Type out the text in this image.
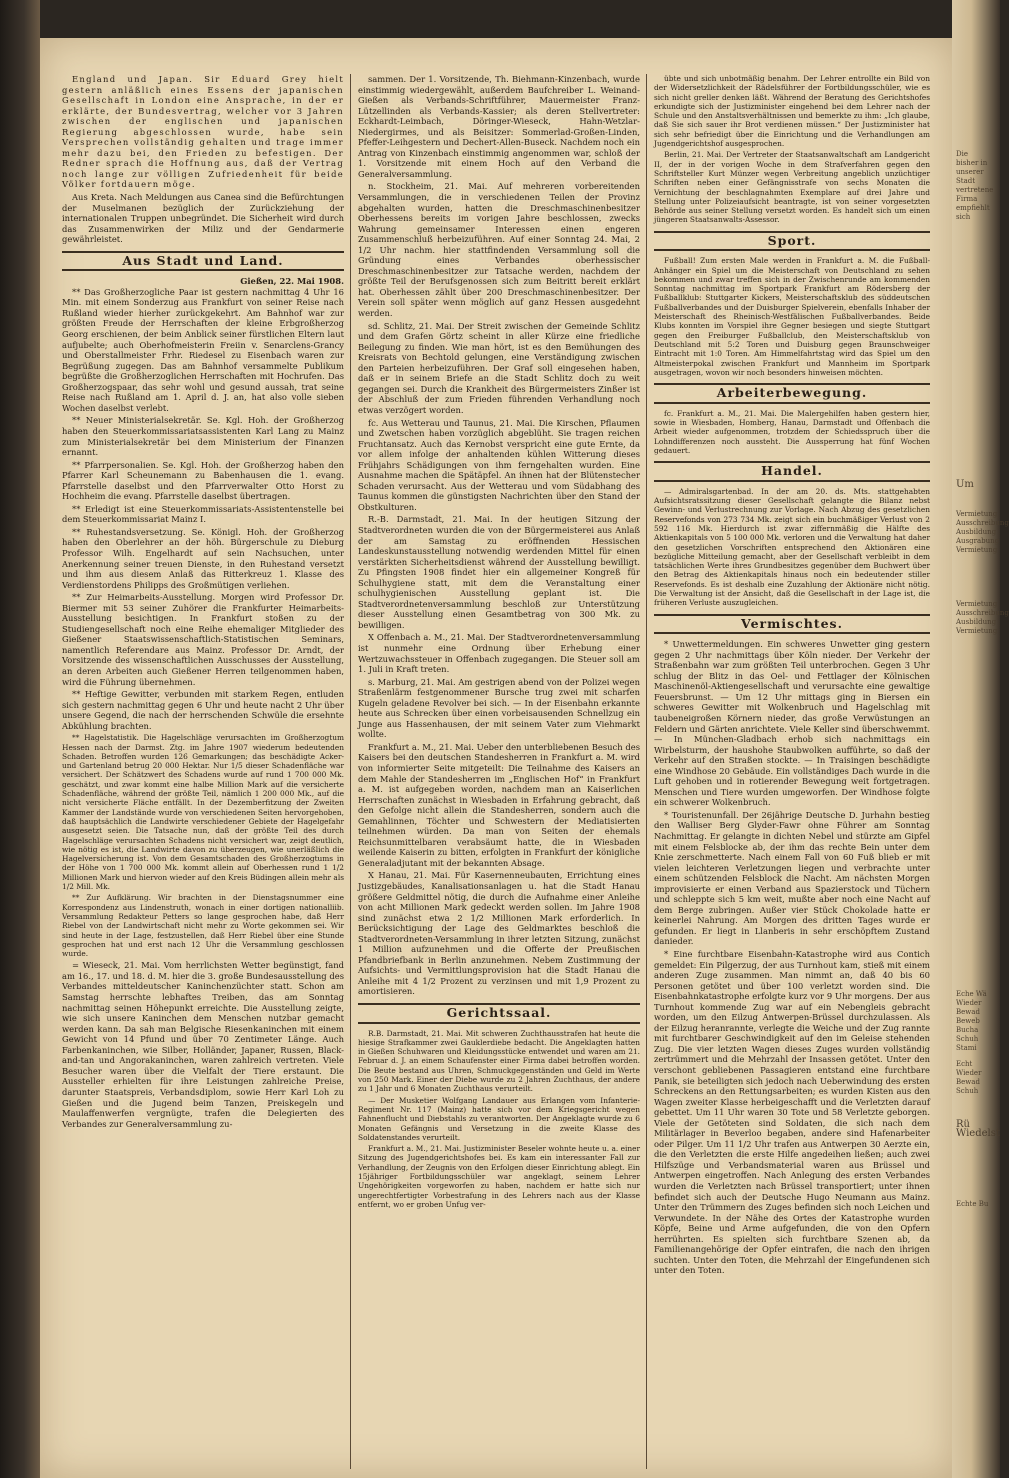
England und Japan. Sir Eduard Grey hielt gestern anläßlich eines Essens der japanischen Gesellschaft in London eine Ansprache, in der er erklärte, der Bundesvertrag, welcher vor 3 Jahren zwischen der englischen und japanischen Regierung abgeschlossen wurde, habe sein Versprechen vollständig gehalten und trage immer mehr dazu bei, den Frieden zu befestigen. Der Redner sprach die Hoffnung aus, daß der Vertrag noch lange zur völligen Zufriedenheit für beide Völker fortdauern möge.

Aus Kreta. Nach Meldungen aus Canea sind die Befürchtungen der Muselmanen bezüglich der Zurückziehung der internationalen Truppen unbegründet. Die Sicherheit wird durch das Zusammenwirken der Miliz und der Gendarmerie gewährleistet.

Aus Stadt und Land.
Gießen, 22. Mai 1908.

** Das Großherzogliche Paar ist gestern nachmittag 4 Uhr 16 Min. mit einem Sonderzug aus Frankfurt von seiner Reise nach Rußland wieder hierher zurückgekehrt. Am Bahnhof war zur größten Freude der Herrschaften der kleine Erbgroßherzog Georg erschienen, der beim Anblick seiner fürstlichen Eltern laut aufjubelte; auch Oberhofmeisterin Freiin v. Senarclens-Grancy und Oberstallmeister Frhr. Riedesel zu Eisenbach waren zur Begrüßung zugegen. Das am Bahnhof versammelte Publikum begrüßte die Großherzoglichen Herrschaften mit Hochrufen. Das Großherzogspaar, das sehr wohl und gesund aussah, trat seine Reise nach Rußland am 1. April d. J. an, hat also volle sieben Wochen daselbst verlebt.

** Neuer Ministerialsekretär. Se. Kgl. Hoh. der Großherzog haben den Steuerkommissariatsassistenten Karl Lang zu Mainz zum Ministerialsekretär bei dem Ministerium der Finanzen ernannt.

** Pfarrpersonalien. Se. Kgl. Hoh. der Großherzog haben den Pfarrer Karl Scheunemann zu Babenhausen die 1. evang. Pfarrstelle daselbst und den Pfarrverwalter Otto Horst zu Hochheim die evang. Pfarrstelle daselbst übertragen.

** Erledigt ist eine Steuerkommissariats-Assistentenstelle bei dem Steuerkommissariat Mainz I.

** Ruhestandsversetzung. Se. Königl. Hoh. der Großherzog haben den Oberlehrer an der höh. Bürgerschule zu Dieburg Professor Wilh. Engelhardt auf sein Nachsuchen, unter Anerkennung seiner treuen Dienste, in den Ruhestand versetzt und ihm aus diesem Anlaß das Ritterkreuz 1. Klasse des Verdienstordens Philipps des Großmütigen verliehen.

** Zur Heimarbeits-Ausstellung. Morgen wird Professor Dr. Biermer mit 53 seiner Zuhörer die Frankfurter Heimarbeits-Ausstellung besichtigen. In Frankfurt stoßen zu der Studiengesellschaft noch eine Reihe ehemaliger Mitglieder des Gießener Staatswissenschaftlich-Statistischen Seminars, namentlich Referendare aus Mainz. Professor Dr. Arndt, der Vorsitzende des wissenschaftlichen Ausschusses der Ausstellung, an deren Arbeiten auch Gießener Herren teilgenommen haben, wird die Führung übernehmen.

** Heftige Gewitter, verbunden mit starkem Regen, entluden sich gestern nachmittag gegen 6 Uhr und heute nacht 2 Uhr über unsere Gegend, die nach der herrschenden Schwüle die ersehnte Abkühlung brachten.

** Hagelstatistik. Die Hagelschläge verursachten im Großherzogtum Hessen nach der Darmst. Ztg. im Jahre 1907 wiederum bedeutenden Schaden. Betroffen wurden 126 Gemarkungen; das beschädigte Acker- und Gartenland betrug 20 000 Hektar. Nur 1/5 dieser Schadenfläche war versichert. Der Schätzwert des Schadens wurde auf rund 1 700 000 Mk. geschätzt, und zwar kommt eine halbe Million Mark auf die versicherte Schadenfläche, während der größte Teil, nämlich 1 200 000 Mk., auf die nicht versicherte Fläche entfällt. In der Dezemberfitzung der Zweiten Kammer der Landstände wurde von verschiedenen Seiten hervorgehoben, daß hauptsächlich die Landwirte verschiedener Gebiete der Hagelgefahr ausgesetzt seien. Die Tatsache nun, daß der größte Teil des durch Hagelschläge verursachten Schadens nicht versichert war, zeigt deutlich, wie nötig es ist, die Landwirte davon zu überzeugen, wie unerläßlich die Hagelversicherung ist. Von dem Gesamtschaden des Großherzogtums in der Höhe von 1 700 000 Mk. kommt allein auf Oberhessen rund 1 1/2 Millionen Mark und hiervon wieder auf den Kreis Büdingen allein mehr als 1/2 Mill. Mk.

** Zur Aufklärung. Wir brachten in der Dienstagsnummer eine Korrespondenz aus Lindenstruth, wonach in einer dortigen nationalliib. Versammlung Redakteur Petters so lange gesprochen habe, daß Herr Riebel von der Landwirtschaft nicht mehr zu Worte gekommen sei. Wir sind heute in der Lage, festzustellen, daß Herr Riebel über eine Stunde gesprochen hat und erst nach 12 Uhr die Versammlung geschlossen wurde.

= Wieseck, 21. Mai. Vom herrlichsten Wetter begünstigt, fand am 16., 17. und 18. d. M. hier die 3. große Bundesausstellung des Verbandes mitteldeutscher Kaninchenzüchter statt. Schon am Samstag herrschte lebhaftes Treiben, das am Sonntag nachmittag seinen Höhepunkt erreichte. Die Ausstellung zeigte, wie sich unsere Kaninchen dem Menschen nutzbar gemacht werden kann. Da sah man Belgische Riesenkaninchen mit einem Gewicht von 14 Pfund und über 70 Zentimeter Länge. Auch Farbenkaninchen, wie Silber, Holländer, Japaner, Russen, Black-and-tan und Angorakaninchen, waren zahlreich vertreten. Viele Besucher waren über die Vielfalt der Tiere erstaunt. Die Aussteller erhielten für ihre Leistungen zahlreiche Preise, darunter Staatspreis, Verbandsdiplom, sowie Herr Karl Loh zu Gießen und die Jugend beim Tanzen, Preiskegeln und Maulaffenwerfen vergnügte, trafen die Delegierten des Verbandes zur Generalversammlung zu-

sammen. Der 1. Vorsitzende, Th. Biehmann-Kinzenbach, wurde einstimmig wiedergewählt, außerdem Baufchreiber L. Weinand-Gießen als Verbands-Schriftführer, Mauermeister Franz-Lützellinden als Verbands-Kassier; als deren Stellvertreter: Eckhardt-Leimbach, Döringer-Wieseck, Hahn-Wetzlar-Niedergirmes, und als Beisitzer: Sommerlad-Großen-Linden, Pfeffer-Leihgestern und Dechert-Allen-Buseck. Nachdem noch ein Antrag von Kinzenbach einstimmig angenommen war, schloß der 1. Vorsitzende mit einem Hoch auf den Verband die Generalversammlung.

n. Stockheim, 21. Mai. Auf mehreren vorbereitenden Versammlungen, die in verschiedenen Teilen der Provinz abgehalten wurden, hatten die Dreschmaschinenbesitzer Oberhessens bereits im vorigen Jahre beschlossen, zwecks Wahrung gemeinsamer Interessen einen engeren Zusammenschluß herbeizuführen. Auf einer Sonntag 24. Mai, 2 1/2 Uhr nachm. hier stattfindenden Versammlung soll die Gründung eines Verbandes oberhessischer Dreschmaschinenbesitzer zur Tatsache werden, nachdem der größte Teil der Berufsgenossen sich zum Beitritt bereit erklärt hat. Oberhessen zählt über 200 Dreschmaschinenbesitzer. Der Verein soll später wenn möglich auf ganz Hessen ausgedehnt werden.

sd. Schlitz, 21. Mai. Der Streit zwischen der Gemeinde Schlitz und dem Grafen Görtz scheint in aller Kürze eine friedliche Beilegung zu finden. Wie man hört, ist es den Bemühungen des Kreisrats von Bechtold gelungen, eine Verständigung zwischen den Parteien herbeizuführen. Der Graf soll eingesehen haben, daß er in seinem Briefe an die Stadt Schlitz doch zu weit gegangen sei. Durch die Krankheit des Bürgermeisters Zinßer ist der Abschluß der zum Frieden führenden Verhandlung noch etwas verzögert worden.

fc. Aus Wetterau und Taunus, 21. Mai. Die Kirschen, Pflaumen und Zwetschen haben vorzüglich abgeblüht. Sie tragen reichen Fruchtansatz. Auch das Kernobst verspricht eine gute Ernte, da vor allem infolge der anhaltenden kühlen Witterung dieses Frühjahrs Schädigungen von ihm ferngehalten wurden. Eine Ausnahme machen die Spätäpfel. An ihnen hat der Blütenstecher Schaden verursacht. Aus der Wetterau und vom Südabhang des Taunus kommen die günstigsten Nachrichten über den Stand der Obstkulturen.

R.-B. Darmstadt, 21. Mai. In der heutigen Sitzung der Stadtverordneten wurden die von der Bürgermeisterei aus Anlaß der am Samstag zu eröffnenden Hessischen Landeskunstausstellung notwendig werdenden Mittel für einen verstärkten Sicherheitsdienst während der Ausstellung bewilligt. Zu Pfingsten 1908 findet hier ein allgemeiner Kongreß für Schulhygiene statt, mit dem die Veranstaltung einer schulhygienischen Ausstellung geplant ist. Die Stadtverordnetenversammlung beschloß zur Unterstützung dieser Ausstellung einen Gesamtbetrag von 300 Mk. zu bewilligen.

X Offenbach a. M., 21. Mai. Der Stadtverordnetenversammlung ist nunmehr eine Ordnung über Erhebung einer Wertzuwachssteuer in Offenbach zugegangen. Die Steuer soll am 1. Juli in Kraft treten.

s. Marburg, 21. Mai. Am gestrigen abend von der Polizei wegen Straßenlärm festgenommener Bursche trug zwei mit scharfen Kugeln geladene Revolver bei sich. — In der Eisenbahn erkannte heute aus Schrecken über einen vorbeisausenden Schnellzug ein Junge aus Hassenhausen, der mit seinem Vater zum Viehmarkt wollte.

Frankfurt a. M., 21. Mai. Ueber den unterbliebenen Besuch des Kaisers bei den deutschen Standesherren in Frankfurt a. M. wird von informierter Seite mitgeteilt: Die Teilnahme des Kaisers an dem Mahle der Standesherren im „Englischen Hof“ in Frankfurt a. M. ist aufgegeben worden, nachdem man an Kaiserlichen Herrschaften zunächst in Wiesbaden in Erfahrung gebracht, daß den Gefolge nicht allein die Standesherren, sondern auch die Gemahlinnen, Töchter und Schwestern der Mediatisierten teilnehmen würden. Da man von Seiten der ehemals Reichsunmittelbaren verabsäumt hatte, die in Wiesbaden weilende Kaiserin zu bitten, erfolgten in Frankfurt der königliche Generaladjutant mit der bekannten Absage.

X Hanau, 21. Mai. Für Kasernenneubauten, Errichtung eines Justizgebäudes, Kanalisationsanlagen u. hat die Stadt Hanau größere Geldmittel nötig, die durch die Aufnahme einer Anleihe von acht Millionen Mark gedeckt werden sollen. Im Jahre 1908 sind zunächst etwa 2 1/2 Millionen Mark erforderlich. In Berücksichtigung der Lage des Geldmarktes beschloß die Stadtverordneten-Versammlung in ihrer letzten Sitzung, zunächst 1 Million aufzunehmen und die Offerte der Preußischen Pfandbriefbank in Berlin anzunehmen. Nebem Zustimmung der Aufsichts- und Vermittlungsprovision hat die Stadt Hanau die Anleihe mit 4 1/2 Prozent zu verzinsen und mit 1,9 Prozent zu amortisieren.

Gerichtssaal.

R.B. Darmstadt, 21. Mai. Mit schweren Zuchthausstrafen hat heute die hiesige Strafkammer zwei Gauklerdiebe bedacht. Die Angeklagten hatten in Gießen Schuhwaren und Kleidungsstücke entwendet und waren am 21. Februar d. J. an einem Schaufenster einer Firma dabei betroffen worden. Die Beute bestand aus Uhren, Schmuckgegenständen und Geld im Werte von 250 Mark. Einer der Diebe wurde zu 2 Jahren Zuchthaus, der andere zu 1 Jahr und 6 Monaten Zuchthaus verurteilt.

— Der Musketier Wolfgang Landauer aus Erlangen vom Infanterie-Regiment Nr. 117 (Mainz) hatte sich vor dem Kriegsgericht wegen Fahnenflucht und Diebstahls zu verantworten. Der Angeklagte wurde zu 6 Monaten Gefängnis und Versetzung in die zweite Klasse des Soldatenstandes verurteilt.

Frankfurt a. M., 21. Mai. Justizminister Beseler wohnte heute u. a. einer Sitzung des Jugendgerichtshofes bei. Es kam ein interessanter Fall zur Verhandlung, der Zeugnis von den Erfolgen dieser Einrichtung ablegt. Ein 15jähriger Fortbildungsschüler war angeklagt, seinem Lehrer Ungehörigkeiten vorgeworfen zu haben, nachdem er hatte sich nur ungerechtfertigter Vorbestrafung in des Lehrers nach aus der Klasse entfernt, wo er groben Unfug ver-

übte und sich unbotmäßig benahm. Der Lehrer entrollte ein Bild von der Widersetzlichkeit der Rädelsführer der Fortbildungsschüler, wie es sich nicht greller denken läßt. Während der Beratung des Gerichtshofes erkundigte sich der Justizminister eingehend bei dem Lehrer nach der Schule und den Anstaltsverhältnissen und bemerkte zu ihm: „Ich glaube, daß Sie sich sauer ihr Brot verdienen müssen.“ Der Justizminister hat sich sehr befriedigt über die Einrichtung und die Verhandlungen am Jugendgerichtshof ausgesprochen.

Berlin, 21. Mai. Der Vertreter der Staatsanwaltschaft am Landgericht II, der in der vorigen Woche in dem Strafverfahren gegen den Schriftsteller Kurt Münzer wegen Verbreitung angeblich unzüchtiger Schriften neben einer Gefängnisstrafe von sechs Monaten die Vernichtung der beschlagnahmten Exemplare auf drei Jahre und Stellung unter Polizeiaufsicht beantragte, ist von seiner vorgesetzten Behörde aus seiner Stellung versetzt worden. Es handelt sich um einen jüngeren Staatsanwalts-Assessor.

Sport.

Fußball! Zum ersten Male werden in Frankfurt a. M. die Fußball-Anhänger ein Spiel um die Meisterschaft von Deutschland zu sehen bekommen und zwar treffen sich in der Zwischenrunde am kommenden Sonntag nachmittag im Sportpark Frankfurt am Rödersberg der Fußballklub: Stuttgarter Kickers, Meisterschaftsklub des süddeutschen Fußballverbandes und der Duisburger Spielverein, ebenfalls Inhaber der Meisterschaft des Rheinisch-Westfälischen Fußballverbandes. Beide Klubs konnten im Vorspiel ihre Gegner besiegen und siegte Stuttgart gegen den Freiburger Fußballclub, den Meisterschaftsklub von Deutschland mit 5:2 Toren und Duisburg gegen Braunschweiger Eintracht mit 1:0 Toren. Am Himmelfahrtstag wird das Spiel um den Altmeisterpokal zwischen Frankfurt und Mannheim im Sportpark ausgetragen, wovon wir noch besonders hinweisen möchten.

Arbeiterbewegung.

fc. Frankfurt a. M., 21. Mai. Die Malergehilfen haben gestern hier, sowie in Wiesbaden, Homberg, Hanau, Darmstadt und Offenbach die Arbeit wieder aufgenommen, trotzdem der Schiedsspruch über die Lohndifferenzen noch aussteht. Die Aussperrung hat fünf Wochen gedauert.

Handel.

— Admiralsgartenbad. In der am 20. ds. Mts. stattgehabten Aufsichtsratssitzung dieser Gesellschaft gelangte die Bilanz nebst Gewinn- und Verlustrechnung zur Vorlage. Nach Abzug des gesetzlichen Reservefonds von 273 734 Mk. zeigt sich ein buchmäßiger Verlust von 2 592 116 Mk. Hierdurch ist zwar ziffernmäßig die Hälfte des Aktienkapitals von 5 100 000 Mk. verloren und die Verwaltung hat daher den gesetzlichen Vorschriften entsprechend den Aktionären eine bezügliche Mitteilung gemacht, aber der Gesellschaft verbleibt in dem tatsächlichen Werte ihres Grundbesitzes gegenüber dem Buchwert über den Betrag des Aktienkapitals hinaus noch ein bedeutender stiller Reservefonds. Es ist deshalb eine Zuzahlung der Aktionäre nicht nötig. Die Verwaltung ist der Ansicht, daß die Gesellschaft in der Lage ist, die früheren Verluste auszugleichen.

Vermischtes.

* Unwettermeldungen. Ein schweres Unwetter ging gestern gegen 2 Uhr nachmittags über Köln nieder. Der Verkehr der Straßenbahn war zum größten Teil unterbrochen. Gegen 3 Uhr schlug der Blitz in das Oel- und Fettlager der Kölnischen Maschinenöl-Aktiengesellschaft und verursachte eine gewaltige Feuersbrunst. — Um 12 Uhr mittags ging in Biersen ein schweres Gewitter mit Wolkenbruch und Hagelschlag mit taubeneigroßen Körnern nieder, das große Verwüstungen an Feldern und Gärten anrichtete. Viele Keller sind überschwemmt. — In München-Gladbach erhob sich nachmittags ein Wirbelsturm, der haushohe Staubwolken aufführte, so daß der Verkehr auf den Straßen stockte. — In Traisingen beschädigte eine Windhose 20 Gebäude. Ein vollständiges Dach wurde in die Luft gehoben und in rotierender Bewegung weit fortgetragen. Menschen und Tiere wurden umgeworfen. Der Windhose folgte ein schwerer Wolkenbruch.

* Touristenunfall. Der 26jährige Deutsche D. Jurhahn bestieg den Walliser Berg Glyder-Fawr ohne Führer am Sonntag Nachmittag. Er gelangte in dichten Nebel und stürzte am Gipfel mit einem Felsblocke ab, der ihm das rechte Bein unter dem Knie zerschmetterte. Nach einem Fall von 60 Fuß blieb er mit vielen leichteren Verletzungen liegen und verbrachte unter einem schützenden Felsblock die Nacht. Am nächsten Morgen improvisierte er einen Verband aus Spazierstock und Tüchern und schleppte sich 5 km weit, mußte aber noch eine Nacht auf dem Berge zubringen. Außer vier Stück Chokolade hatte er keinerlei Nahrung. Am Morgen des dritten Tages wurde er gefunden. Er liegt in Llanberis in sehr erschöpftem Zustand danieder.

* Eine furchtbare Eisenbahn-Katastrophe wird aus Contich gemeldet: Ein Pilgerzug, der aus Turnhout kam, stieß mit einem anderen Zuge zusammen. Man nimmt an, daß 40 bis 60 Personen getötet und über 100 verletzt worden sind. Die Eisenbahnkatastrophe erfolgte kurz vor 9 Uhr morgens. Der aus Turnhout kommende Zug war auf ein Nebengleis gebracht worden, um den Eilzug Antwerpen-Brüssel durchzulassen. Als der Eilzug heranrannte, verlegte die Weiche und der Zug rannte mit furchtbarer Geschwindigkeit auf den im Geleise stehenden Zug. Die vier letzten Wagen dieses Zuges wurden vollständig zertrümmert und die Mehrzahl der Insassen getötet. Unter den verschont gebliebenen Passagieren entstand eine furchtbare Panik, sie beteiligten sich jedoch nach Ueberwindung des ersten Schreckens an den Rettungsarbeiten; es wurden Kisten aus den Wagen zweiter Klasse herbeigeschafft und die Verletzten darauf gebettet. Um 11 Uhr waren 30 Tote und 58 Verletzte geborgen. Viele der Getöteten sind Soldaten, die sich nach dem Militärlager in Beverloo begaben, andere sind Hafenarbeiter oder Pilger. Um 11 1/2 Uhr trafen aus Antwerpen 30 Aerzte ein, die den Verletzten die erste Hilfe angedeihen ließen; auch zwei Hilfszüge und Verbandsmaterial waren aus Brüssel und Antwerpen eingetroffen. Nach Anlegung des ersten Verbandes wurden die Verletzten nach Brüssel transportiert; unter ihnen befindet sich auch der Deutsche Hugo Neumann aus Mainz. Unter den Trümmern des Zuges befinden sich noch Leichen und Verwundete. In der Nähe des Ortes der Katastrophe wurden Köpfe, Beine und Arme aufgefunden, die von den Opfern herrührten. Es spielten sich furchtbare Szenen ab, da Familienangehörige der Opfer eintrafen, die nach den ihrigen suchten. Unter den Toten, die Mehrzahl der Eingefundenen sich unter den Toten.

Die bisher in unserer Stadt vertretene Firma empfiehlt sich
Um
Vermietung Ausschreibung Ausbildung Ausgrabung Vermietung
Vermietung Ausschreibung Ausbildung Vermietung
Eche Wä Wieder Bewad Beweb Bucha Schuh Stami
Echt Wieder Bewad Schuh
Rü Wiedelst
Echte Bu
